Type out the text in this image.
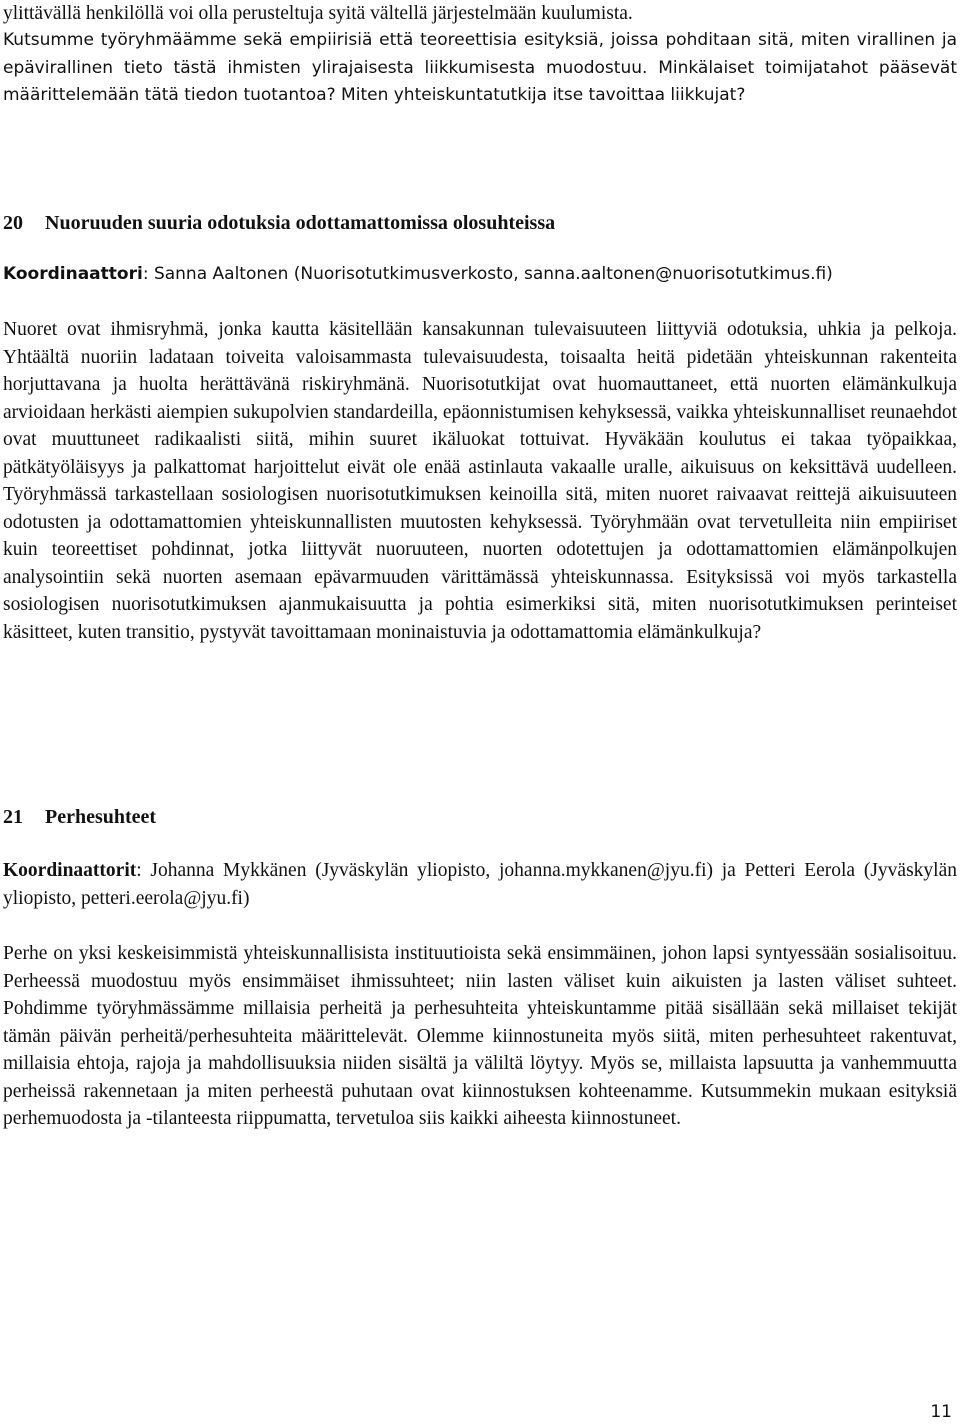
ylittävällä henkilöllä voi olla perusteltuja syitä vältellä järjestelmään kuulumista.

Kutsumme työryhmäämme sekä empiirisiä että teoreettisia esityksiä, joissa pohditaan sitä, miten virallinen ja epävirallinen tieto tästä ihmisten ylirajaisesta liikkumisesta muodostuu. Minkälaiset toimijatahot pääsevät määrittelemään tätä tiedon tuotantoa? Miten yhteiskuntatutkija itse tavoittaa liikkujat?

20 Nuoruuden suuria odotuksia odottamattomissa olosuhteissa

Koordinaattori: Sanna Aaltonen (Nuorisotutkimusverkosto, sanna.aaltonen@nuorisotutkimus.fi)

Nuoret ovat ihmisryhmä, jonka kautta käsitellään kansakunnan tulevaisuuteen liittyviä odotuksia, uhkia ja pelkoja. Yhtäältä nuoriin ladataan toiveita valoisammasta tulevaisuudesta, toisaalta heitä pidetään yhteiskunnan rakenteita horjuttavana ja huolta herättävänä riskiryhmänä. Nuorisotutkijat ovat huomauttaneet, että nuorten elämänkulkuja arvioidaan herkästi aiempien sukupolvien standardeilla, epäonnistumisen kehyksessä, vaikka yhteiskunnalliset reunaehdot ovat muuttuneet radikaalisti siitä, mihin suuret ikäluokat tottuivat. Hyväkään koulutus ei takaa työpaikkaa, pätkätyöläisyys ja palkattomat harjoittelut eivät ole enää astinlauta vakaalle uralle, aikuisuus on keksittävä uudelleen. Työryhmässä tarkastellaan sosiologisen nuorisotutkimuksen keinoilla sitä, miten nuoret raivaavat reittejä aikuisuuteen odotusten ja odottamattomien yhteiskunnallisten muutosten kehyksessä. Työryhmään ovat tervetulleita niin empiiriset kuin teoreettiset pohdinnat, jotka liittyvät nuoruuteen, nuorten odotettujen ja odottamattomien elämänpolkujen analysointiin sekä nuorten asemaan epävarmuuden värittämässä yhteiskunnassa. Esityksissä voi myös tarkastella sosiologisen nuorisotutkimuksen ajanmukaisuutta ja pohtia esimerkiksi sitä, miten nuorisotutkimuksen perinteiset käsitteet, kuten transitio, pystyvät tavoittamaan moninaistuvia ja odottamattomia elämänkulkuja?

21 Perhesuhteet

Koordinaattorit: Johanna Mykkänen (Jyväskylän yliopisto, johanna.mykkanen@jyu.fi) ja Petteri Eerola (Jyväskylän yliopisto, petteri.eerola@jyu.fi)

Perhe on yksi keskeisimmistä yhteiskunnallisista instituutioista sekä ensimmäinen, johon lapsi syntyessään sosialisoituu. Perheessä muodostuu myös ensimmäiset ihmissuhteet; niin lasten väliset kuin aikuisten ja lasten väliset suhteet. Pohdimme työryhmässämme millaisia perheitä ja perhesuhteita yhteiskuntamme pitää sisällään sekä millaiset tekijät tämän päivän perheitä/perhesuhteita määrittelevät. Olemme kiinnostuneita myös siitä, miten perhesuhteet rakentuvat, millaisia ehtoja, rajoja ja mahdollisuuksia niiden sisältä ja väliltä löytyy. Myös se, millaista lapsuutta ja vanhemmuutta perheissä rakennetaan ja miten perheestä puhutaan ovat kiinnostuksen kohteenamme. Kutsummekin mukaan esityksiä perhemuodosta ja -tilanteesta riippumatta, tervetuloa siis kaikki aiheesta kiinnostuneet.

11
